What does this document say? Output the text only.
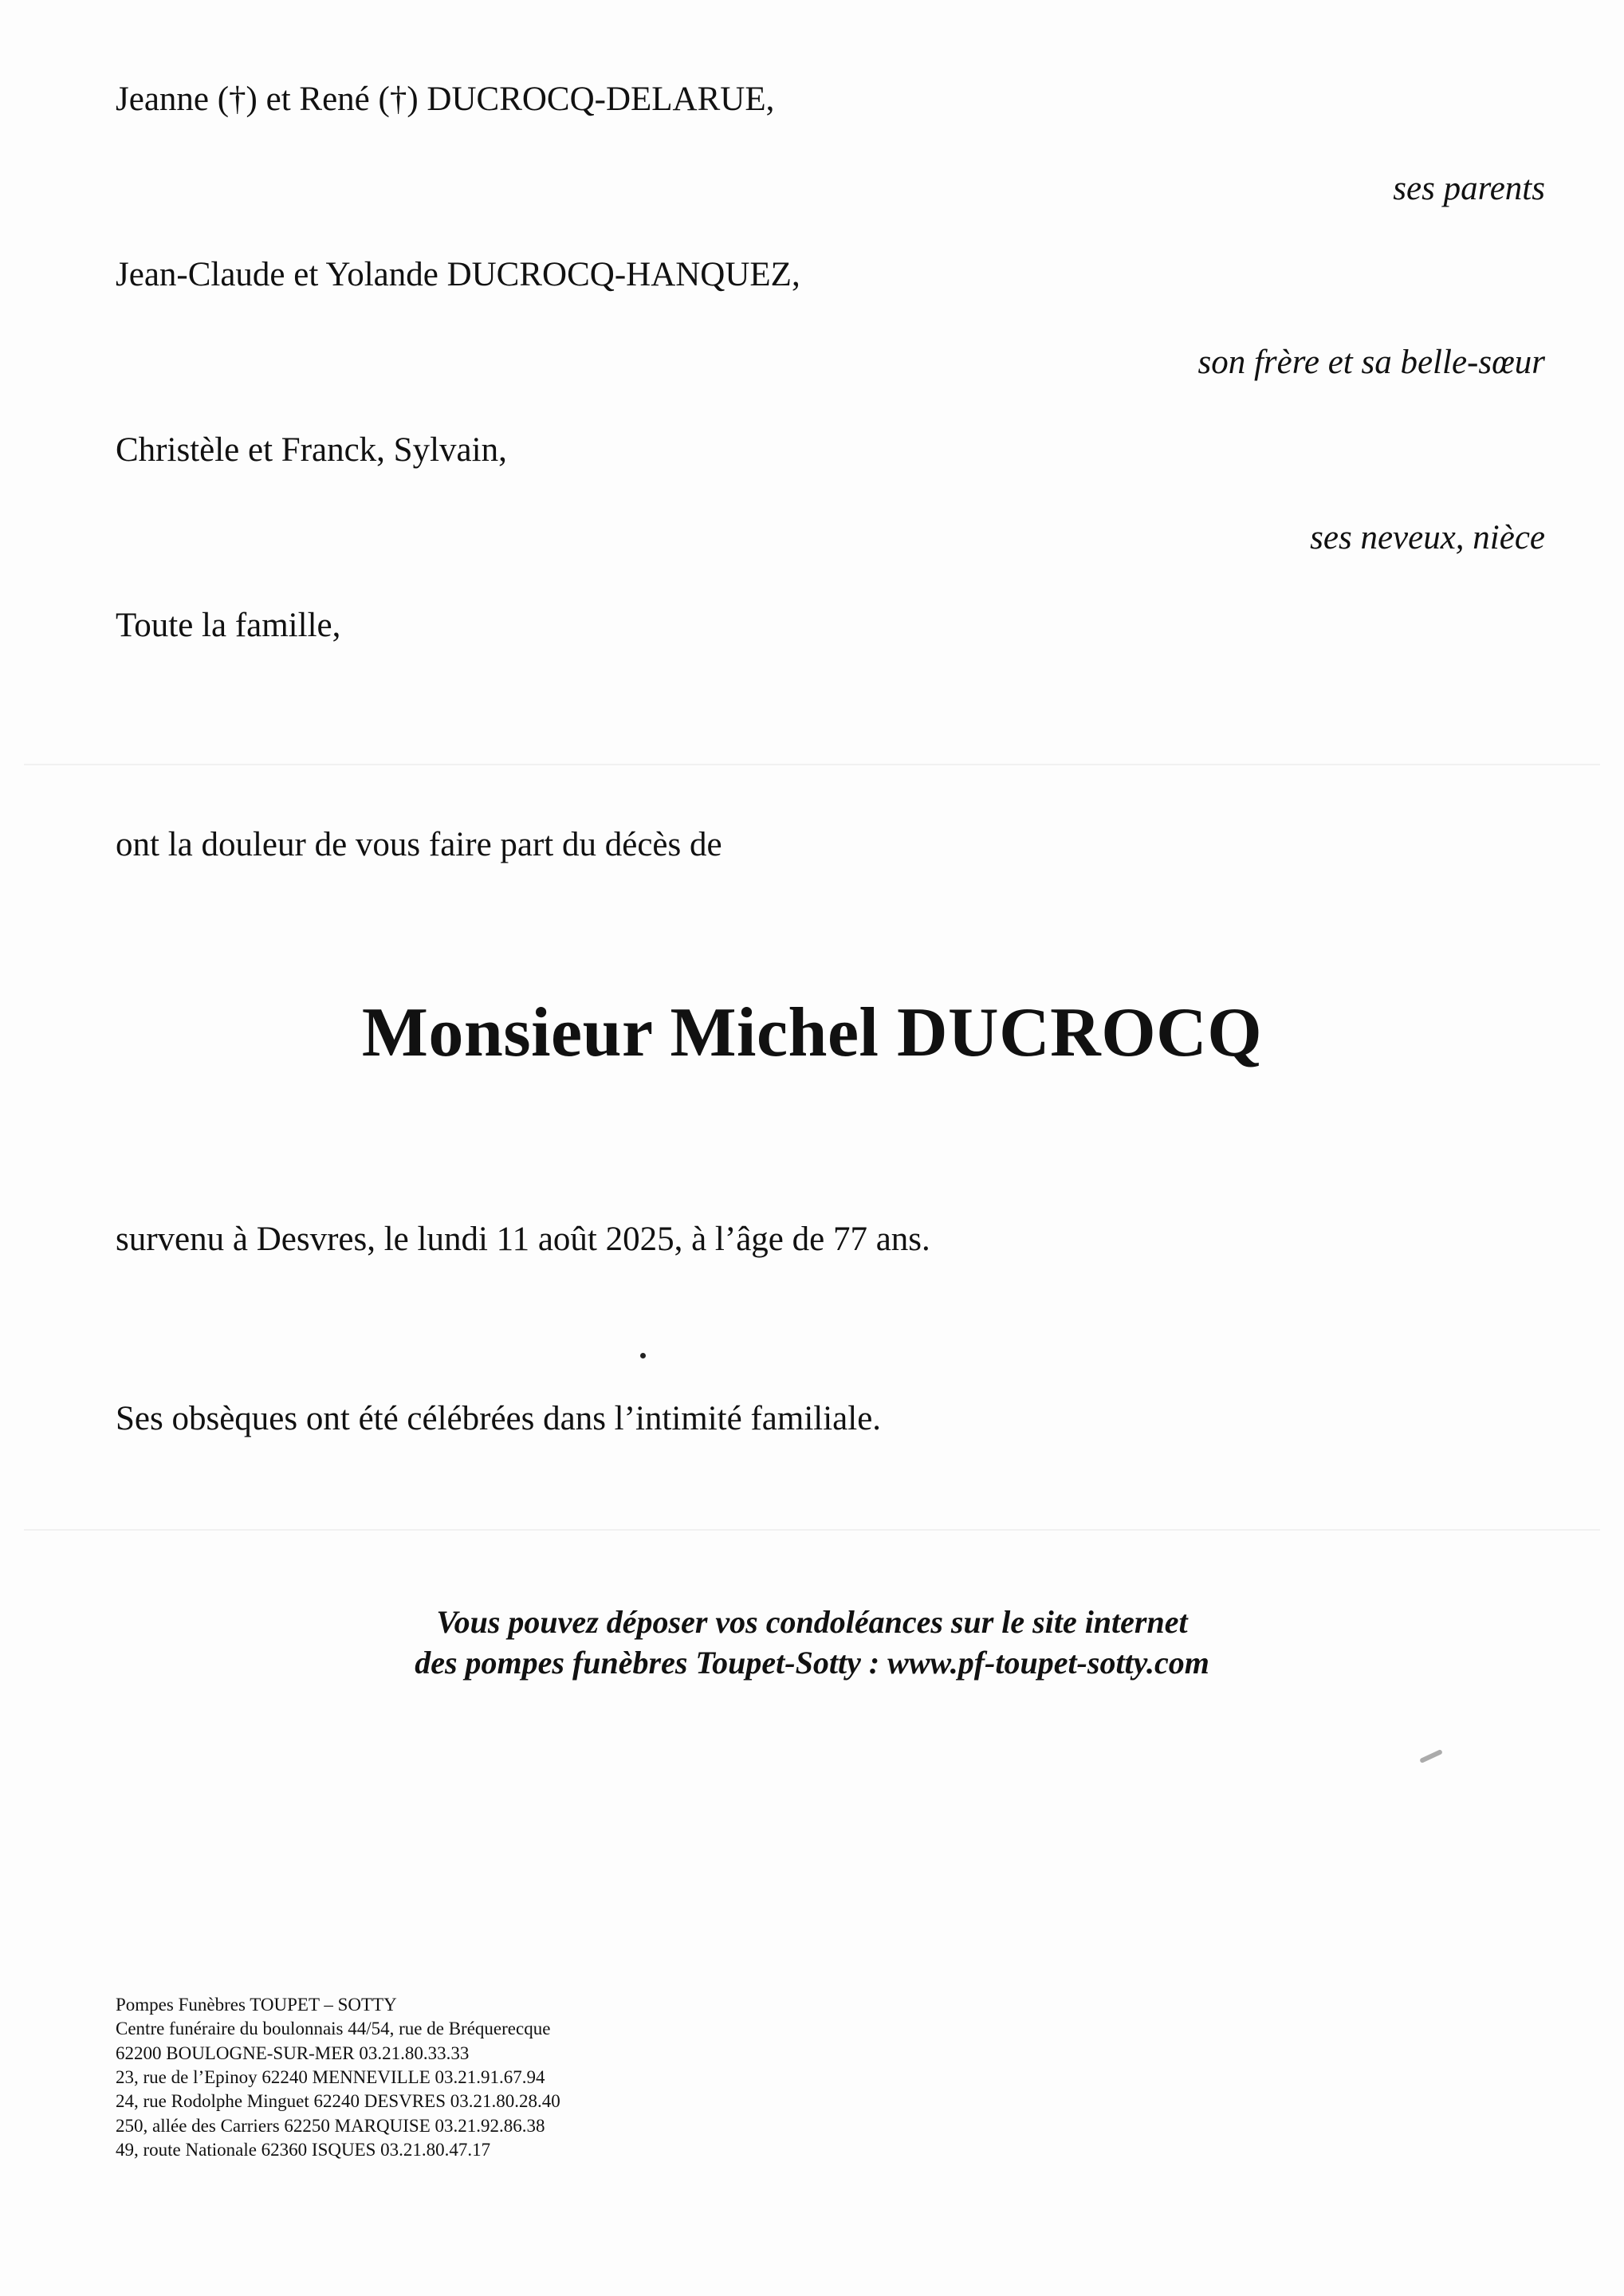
Jeanne (†) et René (†) DUCROCQ-DELARUE,
ses parents
Jean-Claude et Yolande DUCROCQ-HANQUEZ,
son frère et sa belle-sœur
Christèle et Franck, Sylvain,
ses neveux, nièce
Toute la famille,
ont la douleur de vous faire part du décès de
Monsieur Michel DUCROCQ
survenu à Desvres, le lundi 11 août 2025, à l’âge de 77 ans.
Ses obsèques ont été célébrées dans l’intimité familiale.
Vous pouvez déposer vos condoléances sur le site internet
des pompes funèbres Toupet-Sotty : www.pf-toupet-sotty.com
Pompes Funèbres TOUPET – SOTTY
Centre funéraire du boulonnais 44/54, rue de Bréquerecque
62200 BOULOGNE-SUR-MER 03.21.80.33.33
23, rue de l’Epinoy 62240 MENNEVILLE 03.21.91.67.94
24, rue Rodolphe Minguet 62240 DESVRES 03.21.80.28.40
250, allée des Carriers 62250 MARQUISE 03.21.92.86.38
49, route Nationale 62360 ISQUES 03.21.80.47.17
